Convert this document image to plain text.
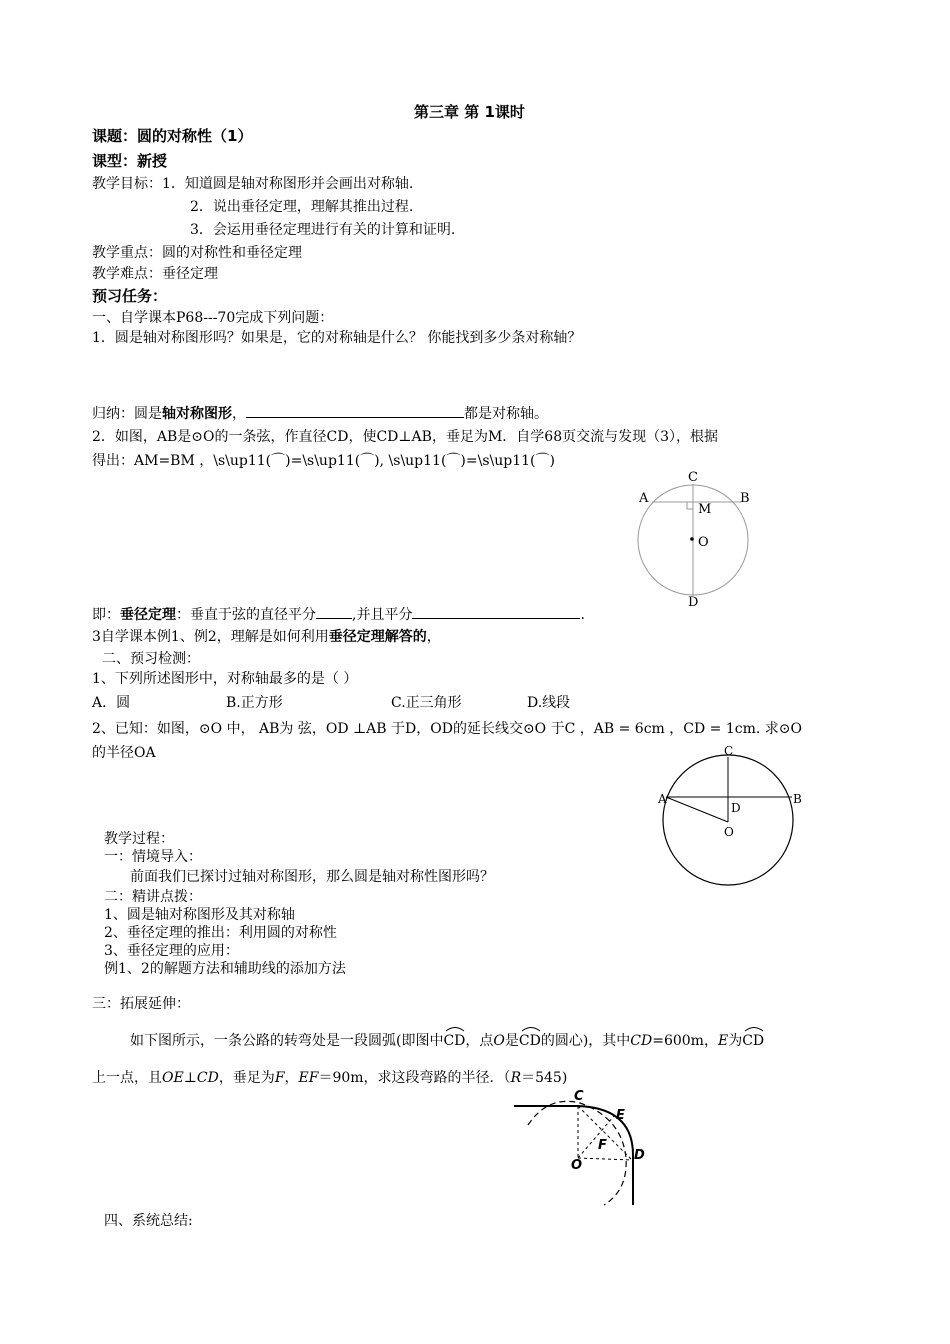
第三章 第 1课时
课题：圆的对称性（1）
课型：新授
教学目标：1．知道圆是轴对称图形并会画出对称轴.
2．说出垂径定理，理解其推出过程.
3．会运用垂径定理进行有关的计算和证明.
教学重点：圆的对称性和垂径定理
教学难点：垂径定理
预习任务：
一、自学课本P68---70完成下列问题：
1．圆是轴对称图形吗？如果是，它的对称轴是什么？ 你能找到多少条对称轴？
归纳：圆是轴对称图形，	都是对称轴。
2．如图，AB是⊙O的一条弦，作直径CD，使CD⊥AB，垂足为M．自学68页交流与发现（3），根据
得出：AM=BM ，\s\up11(⌒)=\s\up11(⌒), \s\up11(⌒)=\s\up11(⌒)
C
A	B
M
O
D
即：垂径定理：垂直于弦的直径平分	,并且平分	.
3自学课本例1、例2，理解是如何利用垂径定理解答的，
二、预习检测：
1、下列所述图形中，对称轴最多的是（ ）
A．圆	B.正方形	C.正三角形	D.线段
2、已知：如图，⊙O 中， AB为 弦，OD ⊥AB 于D，OD的延长线交⊙O 于C ，AB = 6cm ，CD = 1cm. 求⊙O
的半径OA	C
A	B
D
O
教学过程：
一：情境导入：
前面我们已探讨过轴对称图形，那么圆是轴对称性图形吗？
二：精讲点拨：
1、圆是轴对称图形及其对称轴
2、垂径定理的推出：利用圆的对称性
3、垂径定理的应用：
例1、2的解题方法和辅助线的添加方法
三：拓展延伸：
如下图所示，一条公路的转弯处是一段圆弧(即图中CD
，点O是CD
的圆心)，其中CD=600m，E为CD
上一点，且OE⊥CD，垂足为F，EF＝90m，求这段弯路的半径．（R＝545)
C
E
F
O
D
四、系统总结:
